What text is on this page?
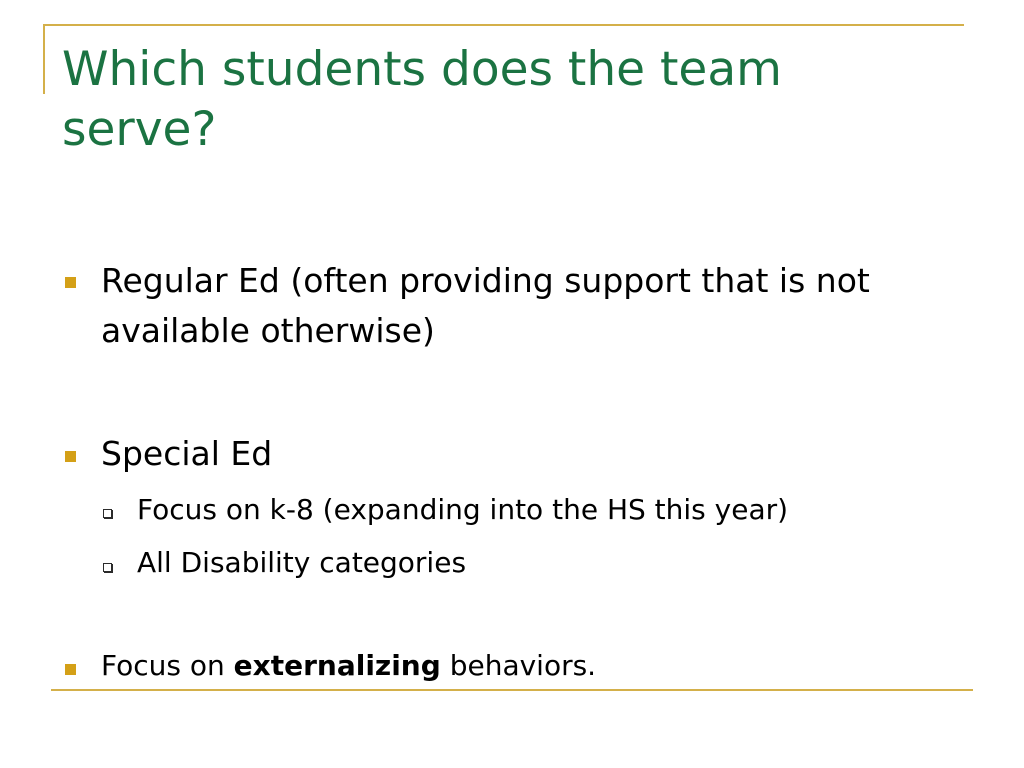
Which students does the team serve?
Regular Ed (often providing support that is not available otherwise)
Special Ed
Focus on k-8 (expanding into the HS this year)
All Disability categories
Focus on externalizing behaviors.
